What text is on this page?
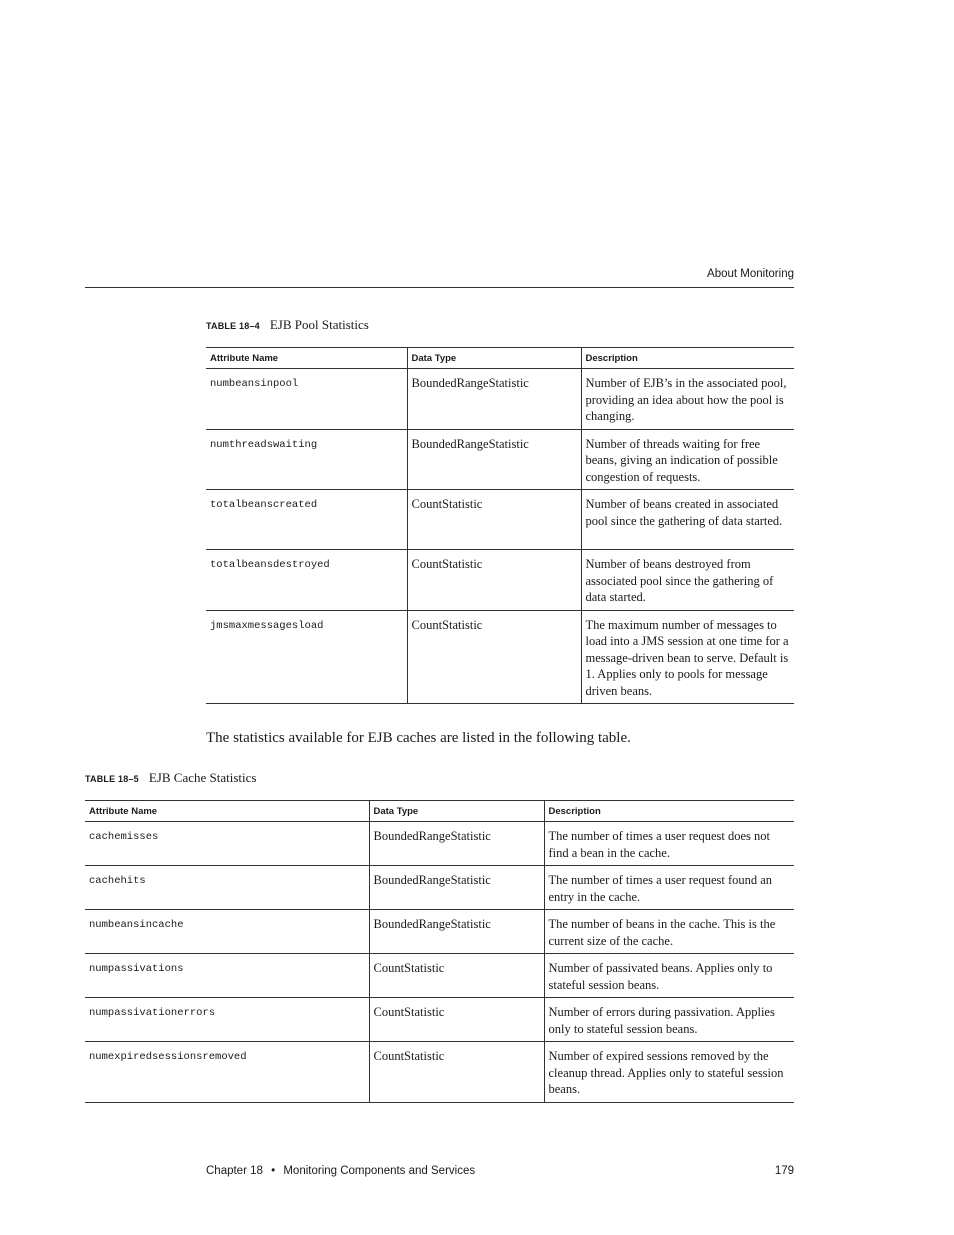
About Monitoring
TABLE 18–4 EJB Pool Statistics
Attribute Name	Data Type	Description
numbeansinpool	BoundedRangeStatistic	Number of EJB’s in the associated pool, providing an idea about how the pool is changing.
numthreadswaiting	BoundedRangeStatistic	Number of threads waiting for free beans, giving an indication of possible congestion of requests.
totalbeanscreated	CountStatistic	Number of beans created in associated pool since the gathering of data started.
totalbeansdestroyed	CountStatistic	Number of beans destroyed from associated pool since the gathering of data started.
jmsmaxmessagesload	CountStatistic	The maximum number of messages to load into a JMS session at one time for a message-driven bean to serve. Default is 1. Applies only to pools for message driven beans.

The statistics available for EJB caches are listed in the following table.

TABLE 18–5 EJB Cache Statistics
Attribute Name	Data Type	Description
cachemisses	BoundedRangeStatistic	The number of times a user request does not find a bean in the cache.
cachehits	BoundedRangeStatistic	The number of times a user request found an entry in the cache.
numbeansincache	BoundedRangeStatistic	The number of beans in the cache. This is the current size of the cache.
numpassivations	CountStatistic	Number of passivated beans. Applies only to stateful session beans.
numpassivationerrors	CountStatistic	Number of errors during passivation. Applies only to stateful session beans.
numexpiredsessionsremoved	CountStatistic	Number of expired sessions removed by the cleanup thread. Applies only to stateful session beans.
Chapter 18 • Monitoring Components and Services	179
